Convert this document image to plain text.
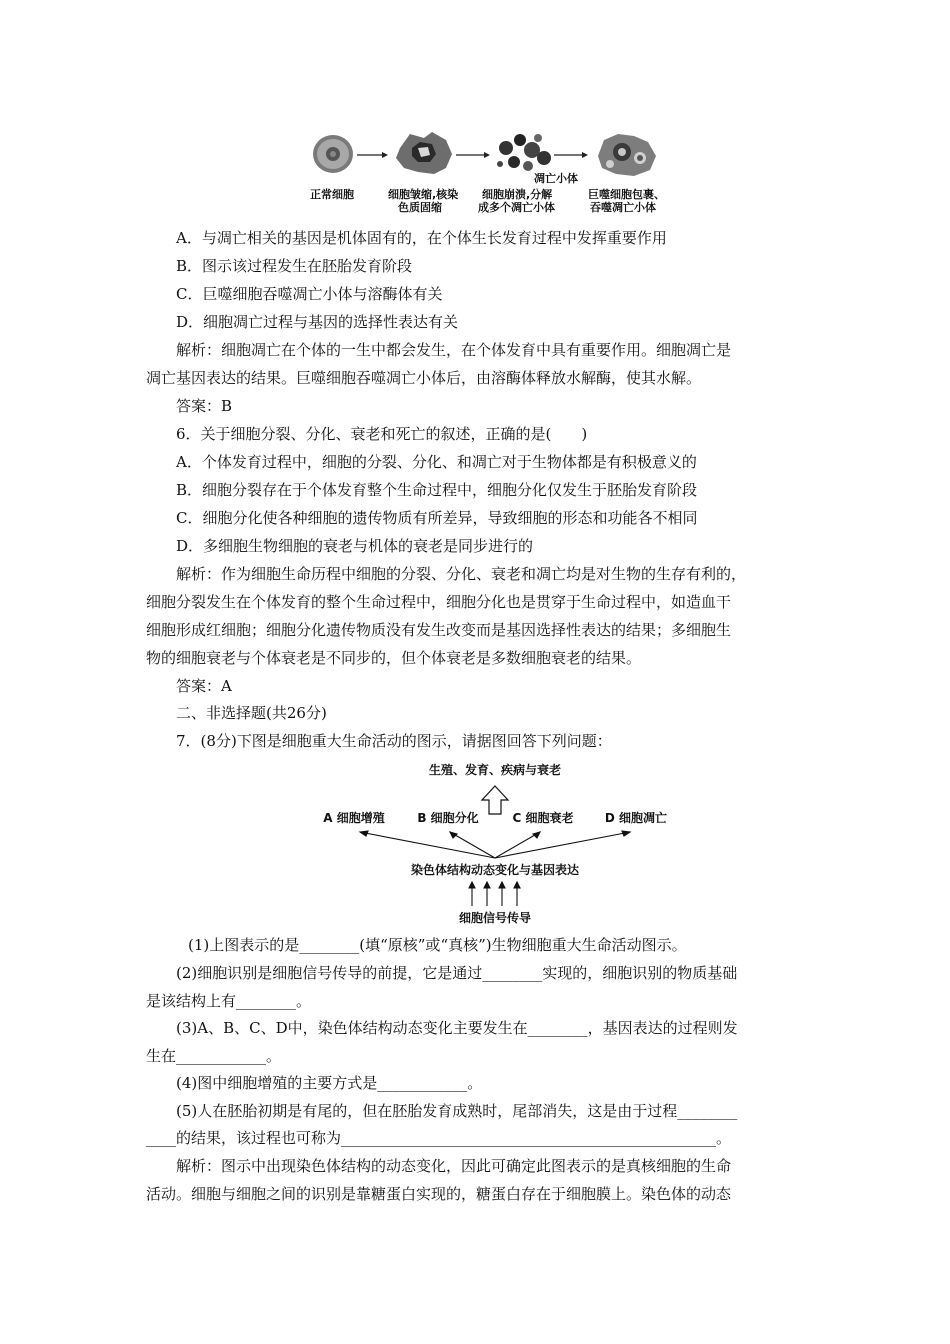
凋亡小体
正常细胞	细胞皱缩,核染
色质固缩
细胞崩溃,分解
成多个凋亡小体
巨噬细胞包裹、
吞噬凋亡小体
A．与凋亡相关的基因是机体固有的，在个体生长发育过程中发挥重要作用
B．图示该过程发生在胚胎发育阶段
C．巨噬细胞吞噬凋亡小体与溶酶体有关
D．细胞凋亡过程与基因的选择性表达有关
解析：细胞凋亡在个体的一生中都会发生，在个体发育中具有重要作用。细胞凋亡是
凋亡基因表达的结果。巨噬细胞吞噬凋亡小体后，由溶酶体释放水解酶，使其水解。
答案：B
6．关于细胞分裂、分化、衰老和死亡的叙述，正确的是(　　)
A．个体发育过程中，细胞的分裂、分化、和凋亡对于生物体都是有积极意义的
B．细胞分裂存在于个体发育整个生命过程中，细胞分化仅发生于胚胎发育阶段
C．细胞分化使各种细胞的遗传物质有所差异，导致细胞的形态和功能各不相同
D．多细胞生物细胞的衰老与机体的衰老是同步进行的
解析：作为细胞生命历程中细胞的分裂、分化、衰老和凋亡均是对生物的生存有利的，
细胞分裂发生在个体发育的整个生命过程中，细胞分化也是贯穿于生命过程中，如造血干
细胞形成红细胞；细胞分化遗传物质没有发生改变而是基因选择性表达的结果；多细胞生
物的细胞衰老与个体衰老是不同步的，但个体衰老是多数细胞衰老的结果。
答案：A
二、非选择题(共26分)
7．(8分)下图是细胞重大生命活动的图示，请据图回答下列问题：
生殖、发育、疾病与衰老
A 细胞增殖	B 细胞分化	C 细胞衰老	D 细胞凋亡
染色体结构动态变化与基因表达
细胞信号传导
(1)上图表示的是________(填“原核”或“真核”)生物细胞重大生命活动图示。
(2)细胞识别是细胞信号传导的前提，它是通过________实现的，细胞识别的物质基础
是该结构上有________。
(3)A、B、C、D中，染色体结构动态变化主要发生在________，基因表达的过程则发
生在____________。
(4)图中细胞增殖的主要方式是____________。
(5)人在胚胎初期是有尾的，但在胚胎发育成熟时，尾部消失，这是由于过程________
____的结果，该过程也可称为__________________________________________________。
解析：图示中出现染色体结构的动态变化，因此可确定此图表示的是真核细胞的生命
活动。细胞与细胞之间的识别是靠糖蛋白实现的，糖蛋白存在于细胞膜上。染色体的动态
